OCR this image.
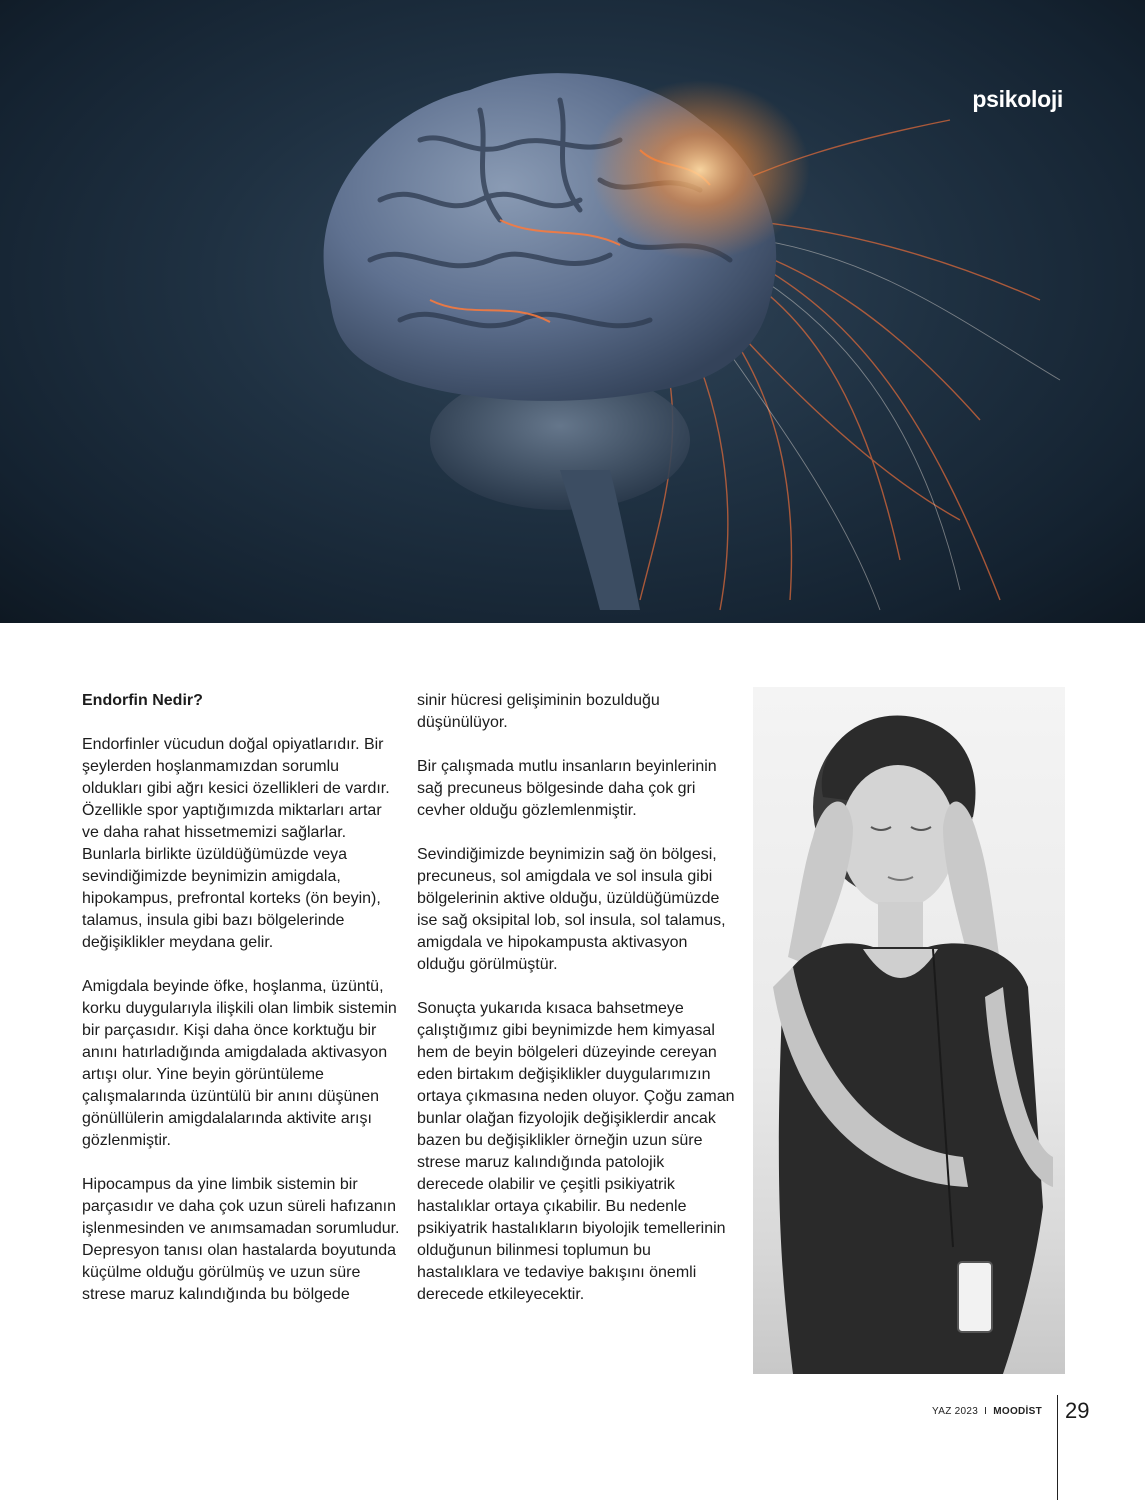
psikoloji

Endorfin Nedir?

Endorfinler vücudun doğal opiyatlarıdır. Bir şeylerden hoşlanmamızdan sorumlu oldukları gibi ağrı kesici özellikleri de vardır. Özellikle spor yaptığımızda miktarları artar ve daha rahat hissetmemizi sağlarlar. Bunlarla birlikte üzüldüğümüzde veya sevindiğimizde beynimizin amigdala, hipokampus, prefrontal korteks (ön beyin), talamus, insula gibi bazı bölgelerinde değişiklikler meydana gelir.

Amigdala beyinde öfke, hoşlanma, üzüntü, korku duygularıyla ilişkili olan limbik sistemin bir parçasıdır. Kişi daha önce korktuğu bir anını hatırladığında amigdalada aktivasyon artışı olur. Yine beyin görüntüleme çalışmalarında üzüntülü bir anını düşünen gönüllülerin amigdalalarında aktivite arışı gözlenmiştir.

Hipocampus da yine limbik sistemin bir parçasıdır ve daha çok uzun süreli hafızanın işlenmesinden ve anımsamadan sorumludur. Depresyon tanısı olan hastalarda boyutunda küçülme olduğu görülmüş ve uzun süre strese maruz kalındığında bu bölgede

sinir hücresi gelişiminin bozulduğu düşünülüyor.

Bir çalışmada mutlu insanların beyinlerinin sağ precuneus bölgesinde daha çok gri cevher olduğu gözlemlenmiştir.

Sevindiğimizde beynimizin sağ ön bölgesi, precuneus, sol amigdala ve sol insula gibi bölgelerinin aktive olduğu, üzüldüğümüzde ise sağ oksipital lob, sol insula, sol talamus, amigdala ve hipokampusta aktivasyon olduğu görülmüştür.

Sonuçta yukarıda kısaca bahsetmeye çalıştığımız gibi beynimizde hem kimyasal hem de beyin bölgeleri düzeyinde cereyan eden birtakım değişiklikler duygularımızın ortaya çıkmasına neden oluyor. Çoğu zaman bunlar olağan fizyolojik değişiklerdir ancak bazen bu değişiklikler örneğin uzun süre strese maruz kalındığında patolojik derecede olabilir ve çeşitli psikiyatrik hastalıklar ortaya çıkabilir. Bu nedenle psikiyatrik hastalıkların biyolojik temellerinin olduğunun bilinmesi toplumun bu hastalıklara ve tedaviye bakışını önemli derecede etkileyecektir.

YAZ 2023 I MOODİST 29
